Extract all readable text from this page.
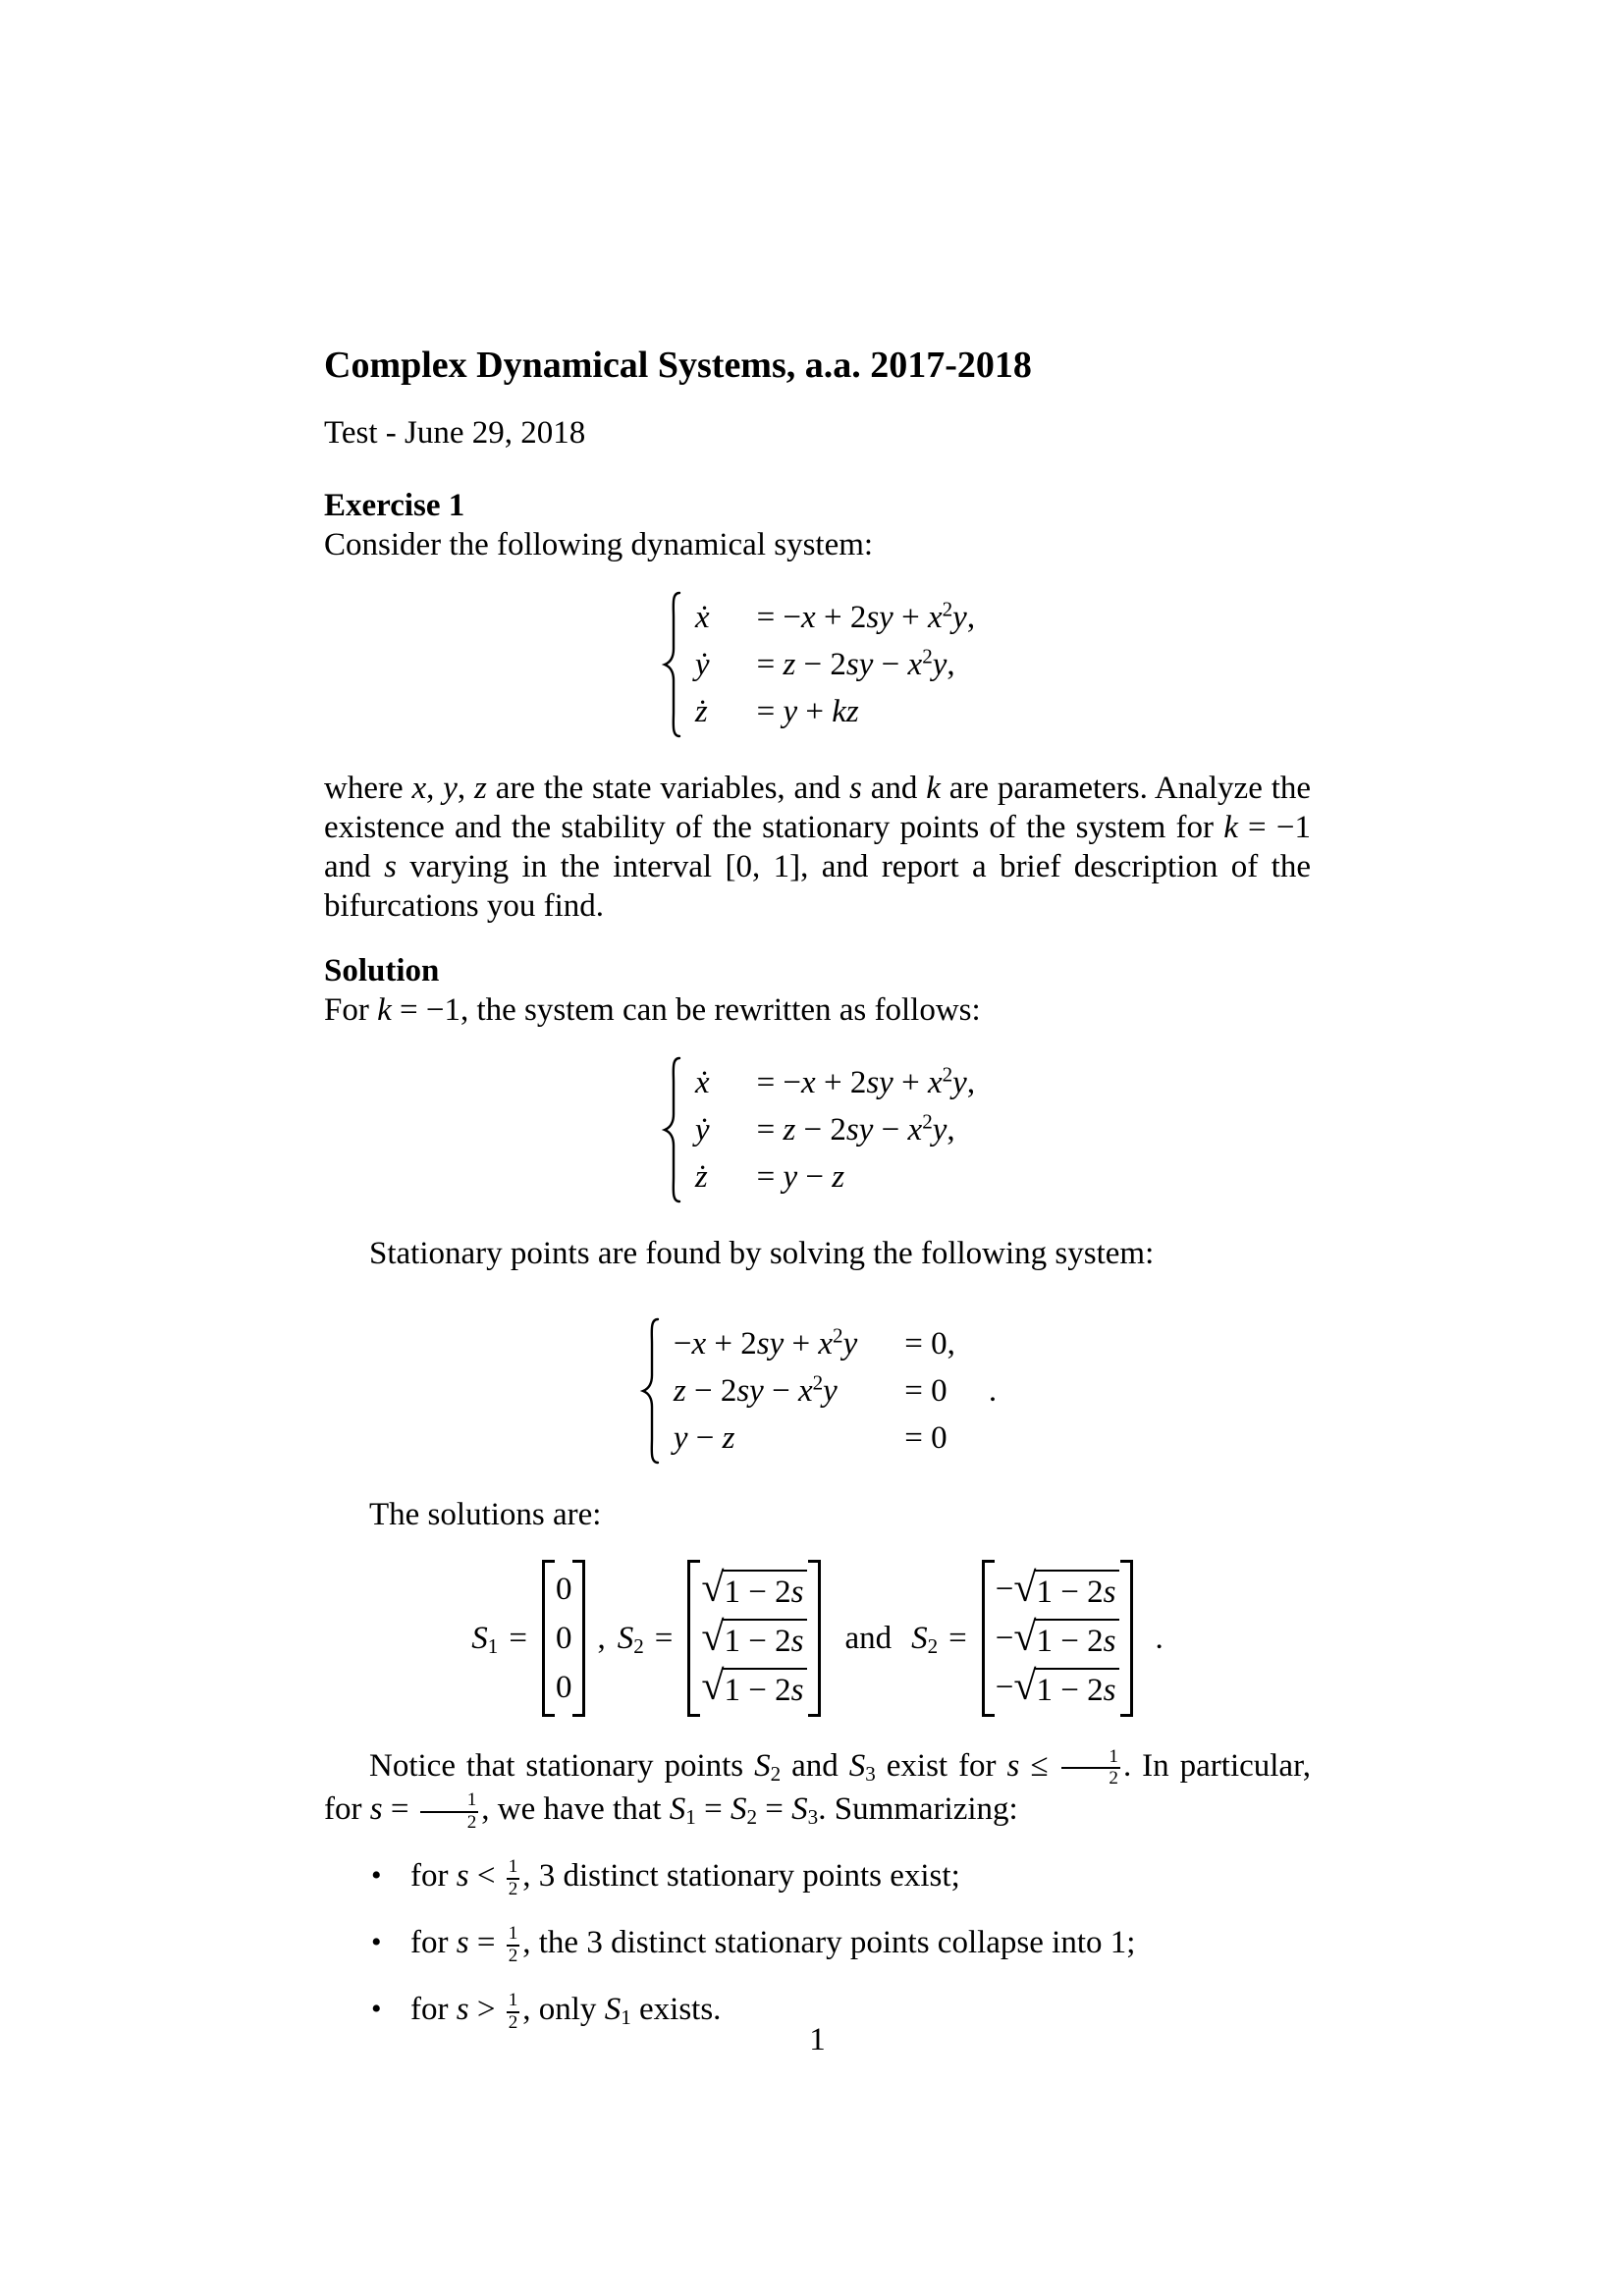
Complex Dynamical Systems, a.a. 2017-2018

Test - June 29, 2018

Exercise 1

Consider the following dynamical system:

ẋ = $-x + 2sy + x^2y$,
ẏ = $z - 2sy - x^2y$,
ż = y + kz

where x, y, z are the state variables, and s and k are parameters. Analyze the existence and the stability of the stationary points of the system for k = −1 and s varying in the interval [0, 1], and report a brief description of the bifurcations you find.

Solution

For k = −1, the system can be rewritten as follows:

ẋ = $-x + 2sy + x^2y$,
ẏ = $z - 2sy - x^2y$,
ż = y − z

Stationary points are found by solving the following system:

$-x + 2sy + x^2y = 0$,
$z - 2sy - x^2y$	= 0
y − z	= 0
.

The solutions are:

$S_1$ =
0
0
0
, $S_2$ =
√ 1 − 2s
√ 1 − 2s
√ 1 − 2s
and $S_2$ =
− √ 1 − 2s
− √ 1 − 2s
− √ 1 − 2s
.

Notice that stationary points $S_2$ and $S_3$ exist for $s \le \frac{1}{2}$ . In particular, for $s = \frac{1}{2}$ , we have that $S_1 = S_2 = S_3$. Summarizing:

• for $s < \frac{1}{2}$ , 3 distinct stationary points exist;
• for $s = \frac{1}{2}$ , the 3 distinct stationary points collapse into 1;
• for $s > \frac{1}{2}$ , only $S_1$ exists.
1
